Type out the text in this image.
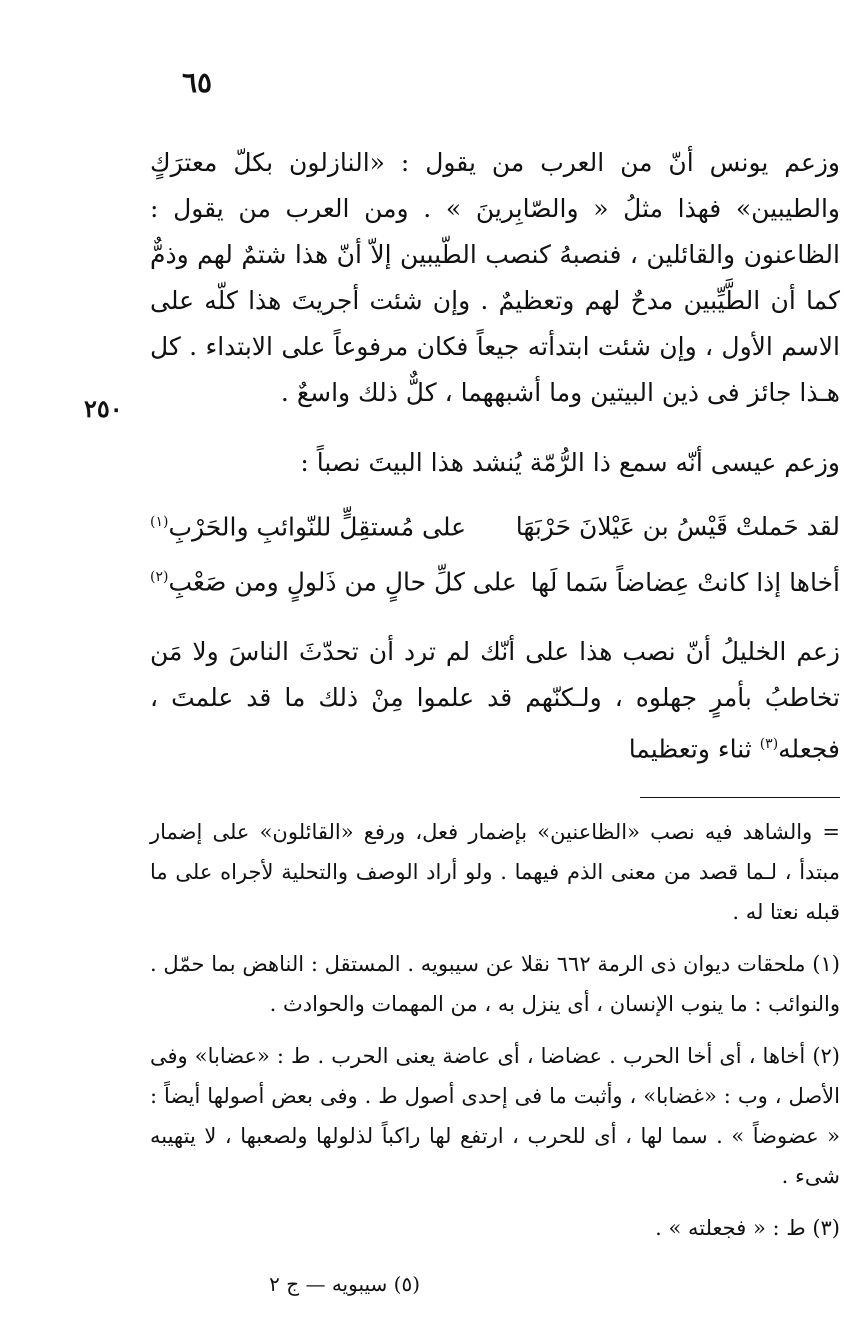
٦٥
٢٥٠

وزعم يونس أنّ من العرب من يقول : «النازلون بكلّ معترَكٍ والطيبين» فهذا مثلُ « والصّابِرينَ » . ومن العرب من يقول : الظاعنون والقائلين ، فنصبهُ كنصب الطّيبين إلاّ أنّ هذا شتمٌ لهم وذمٌّ كما أن الطَّيِّبين مدحٌ لهم وتعظيمٌ . وإن شئت أجريتَ هذا كلّه على الاسم الأول ، وإن شئت ابتدأته جيعاً فكان مرفوعاً على الابتداء . كل هـذا جائز فى ذين البيتين وما أشبههما ، كلٌّ ذلك واسعٌ .

وزعم عيسى أنّه سمع ذا الرُّمّة يُنشد هذا البيتَ نصباً :

لقد حَملتْ قَيْسُ بن عَيْلانَ حَرْبَهَا
على مُستقِلٍّ للنّوائبِ والحَرْبِ$^{(١)}$
أخاها إذا كانتْ عِضاضاً سَما لَها
على كلِّ حالٍ من ذَلولٍ ومن صَعْبِ$^{(٢)}$

زعم الخليلُ أنّ نصب هذا على أنّك لم ترد أن تحدّثَ الناسَ ولا مَن تخاطبُ بأمرٍ جهلوه ، ولـكنّهم قد علموا مِنْ ذلك ما قد علمتَ ، فجعله$^{(٣)}$ ثناء وتعظيما

= والشاهد فيه نصب «الظاعنين» بإضمار فعل، ورفع «القائلون» على إضمار مبتدأ ، لـما قصد من معنى الذم فيهما . ولو أراد الوصف والتحلية لأجراه على ما قبله نعتا له .

(١) ملحقات ديوان ذى الرمة ٦٦٢ نقلا عن سيبويه . المستقل : الناهض بما حمّل . والنوائب : ما ينوب الإنسان ، أى ينزل به ، من المهمات والحوادث .

(٢) أخاها ، أى أخا الحرب . عضاضا ، أى عاضة يعنى الحرب . ط : «عضابا» وفى الأصل ، وب : «غضابا» ، وأثبت ما فى إحدى أصول ط . وفى بعض أصولها أيضاً : « عضوضاً » . سما لها ، أى للحرب ، ارتفع لها راكباً لذلولها ولصعبها ، لا يتهيبه شىء .

(٣) ط : « فجعلته » .

(٥) سيبويه — ج ٢
